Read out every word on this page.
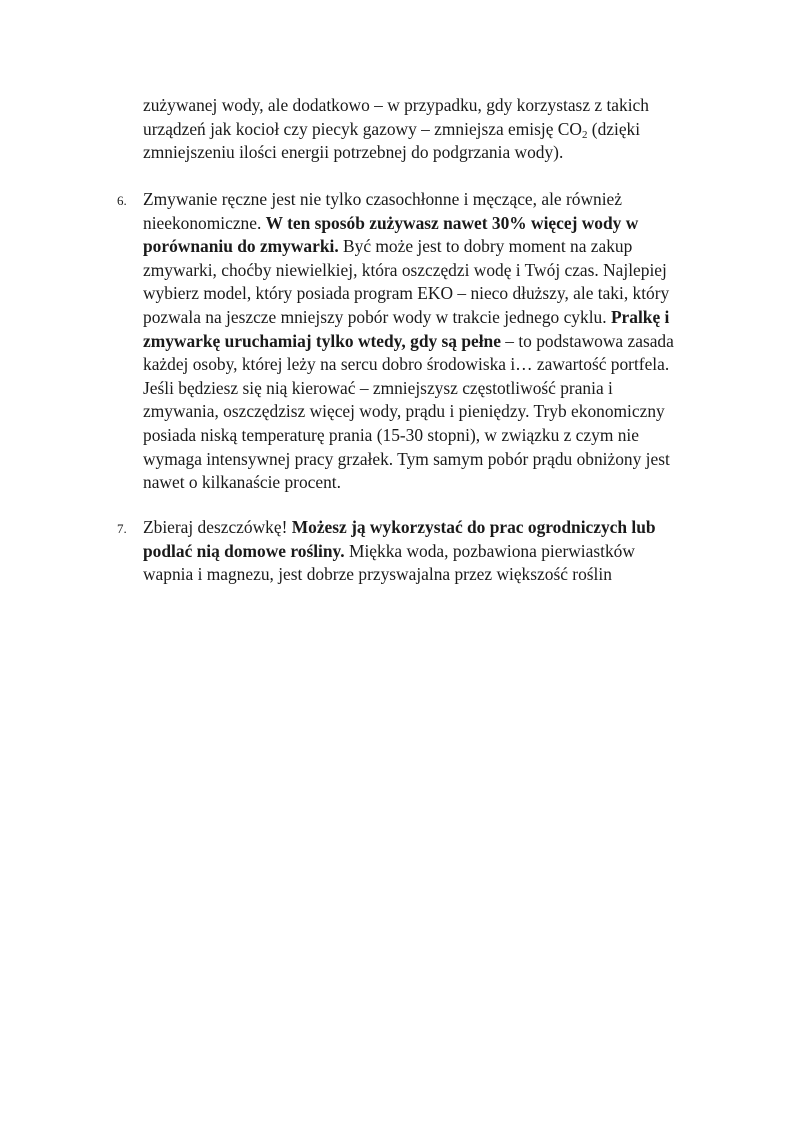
zużywanej wody, ale dodatkowo – w przypadku, gdy korzystasz z takich
urządzeń jak kocioł czy piecyk gazowy – zmniejsza emisję $CO_2$ (dzięki
zmniejszeniu ilości energii potrzebnej do podgrzania wody).
6. Zmywanie ręczne jest nie tylko czasochłonne i męczące, ale również
nieekonomiczne. W ten sposób zużywasz nawet 30% więcej wody w
porównaniu do zmywarki. Być może jest to dobry moment na zakup
zmywarki, choćby niewielkiej, która oszczędzi wodę i Twój czas. Najlepiej
wybierz model, który posiada program EKO – nieco dłuższy, ale taki, który
pozwala na jeszcze mniejszy pobór wody w trakcie jednego cyklu. Pralkę i
zmywarkę uruchamiaj tylko wtedy, gdy są pełne – to podstawowa zasada
każdej osoby, której leży na sercu dobro środowiska i… zawartość portfela.
Jeśli będziesz się nią kierować – zmniejszysz częstotliwość prania i
zmywania, oszczędzisz więcej wody, prądu i pieniędzy. Tryb ekonomiczny
posiada niską temperaturę prania (15-30 stopni), w związku z czym nie
wymaga intensywnej pracy grzałek. Tym samym pobór prądu obniżony jest
nawet o kilkanaście procent.
7. Zbieraj deszczówkę! Możesz ją wykorzystać do prac ogrodniczych lub
podlać nią domowe rośliny. Miękka woda, pozbawiona pierwiastków
wapnia i magnezu, jest dobrze przyswajalna przez większość roślin
